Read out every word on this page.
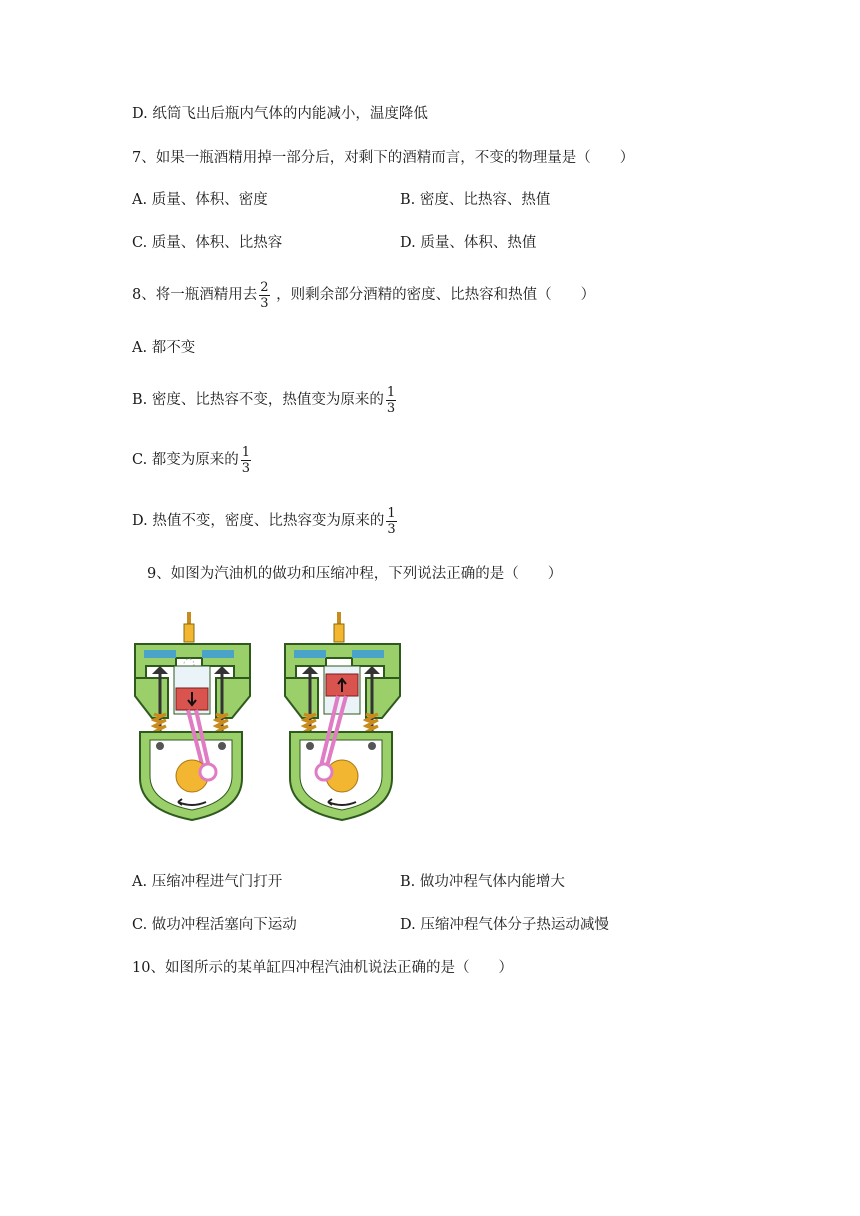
D. 纸筒飞出后瓶内气体的内能减小，温度降低
7、如果一瓶酒精用掉一部分后，对剩下的酒精而言，不变的物理量是（　　）
A. 质量、体积、密度	B. 密度、比热容、热值
C. 质量、体积、比热容	D. 质量、体积、热值
8、将一瓶酒精用去 $\frac{2}{3}$ ，则剩余部分酒精的密度、比热容和热值（　　）
A. 都不变
B. 密度、比热容不变，热值变为原来的 $\frac{1}{3}$
C. 都变为原来的 $\frac{1}{3}$
D. 热值不变，密度、比热容变为原来的 $\frac{1}{3}$
9、如图为汽油机的做功和压缩冲程，下列说法正确的是（　　）
A. 压缩冲程进气门打开	B. 做功冲程气体内能增大
C. 做功冲程活塞向下运动	D. 压缩冲程气体分子热运动减慢
10、如图所示的某单缸四冲程汽油机说法正确的是（　　）
